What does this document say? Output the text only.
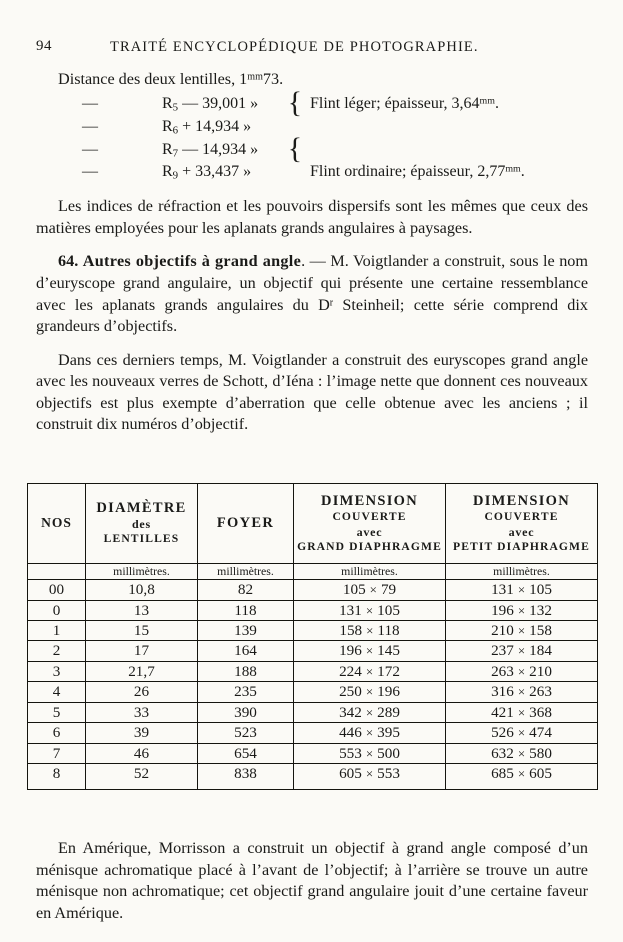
94	TRAITÉ ENCYCLOPÉDIQUE DE PHOTOGRAPHIE.
Distance des deux lentilles, $1^{mm}73$.
—	$R_5$ — 39,001 » { Flint léger; épaisseur, $3,64^{mm}$.
—	$R_6 + 14,934$ »
—	$R_7$ — 14,934 » {
—	$R_9 + 33,437$ »	Flint ordinaire; épaisseur, $2,77^{mm}$.

Les indices de réfraction et les pouvoirs dispersifs sont les mêmes que ceux des matières employées pour les aplanats grands angulaires à paysages.

64. Autres objectifs à grand angle. — M. Voigtlander a construit, sous le nom d’euryscope grand angulaire, un objectif qui présente une certaine ressemblance avec les aplanats grands angulaires du $D^r$ Steinheil; cette série comprend dix grandeurs d’objectifs.

Dans ces derniers temps, M. Voigtlander a construit des euryscopes grand angle avec les nouveaux verres de Schott, d’Iéna : l’image nette que donnent ces nouveaux objectifs est plus exempte d’aberration que celle obtenue avec les anciens ; il construit dix numéros d’objectif.

NOS

DIAMÈTRE
des
LENTILLES

FOYER

DIMENSION
COUVERTE
avec
GRAND DIAPHRAGME

DIMENSION
COUVERTE
avec
PETIT DIAPHRAGME

	millimètres.	millimètres.	millimètres.	millimètres.
00	10,8	82	105 × 79	131 × 105
0	13	118	131 × 105	196 × 132
1	15	139	158 × 118	210 × 158
2	17	164	196 × 145	237 × 184
3	21,7	188	224 × 172	263 × 210
4	26	235	250 × 196	316 × 263
5	33	390	342 × 289	421 × 368
6	39	523	446 × 395	526 × 474
7	46	654	553 × 500	632 × 580
8	52	838	605 × 553	685 × 605

En Amérique, Morrisson a construit un objectif à grand angle composé d’un ménisque achromatique placé à l’avant de l’objectif; à l’arrière se trouve un autre ménisque non achromatique; cet objectif grand angulaire jouit d’une certaine faveur en Amérique.
